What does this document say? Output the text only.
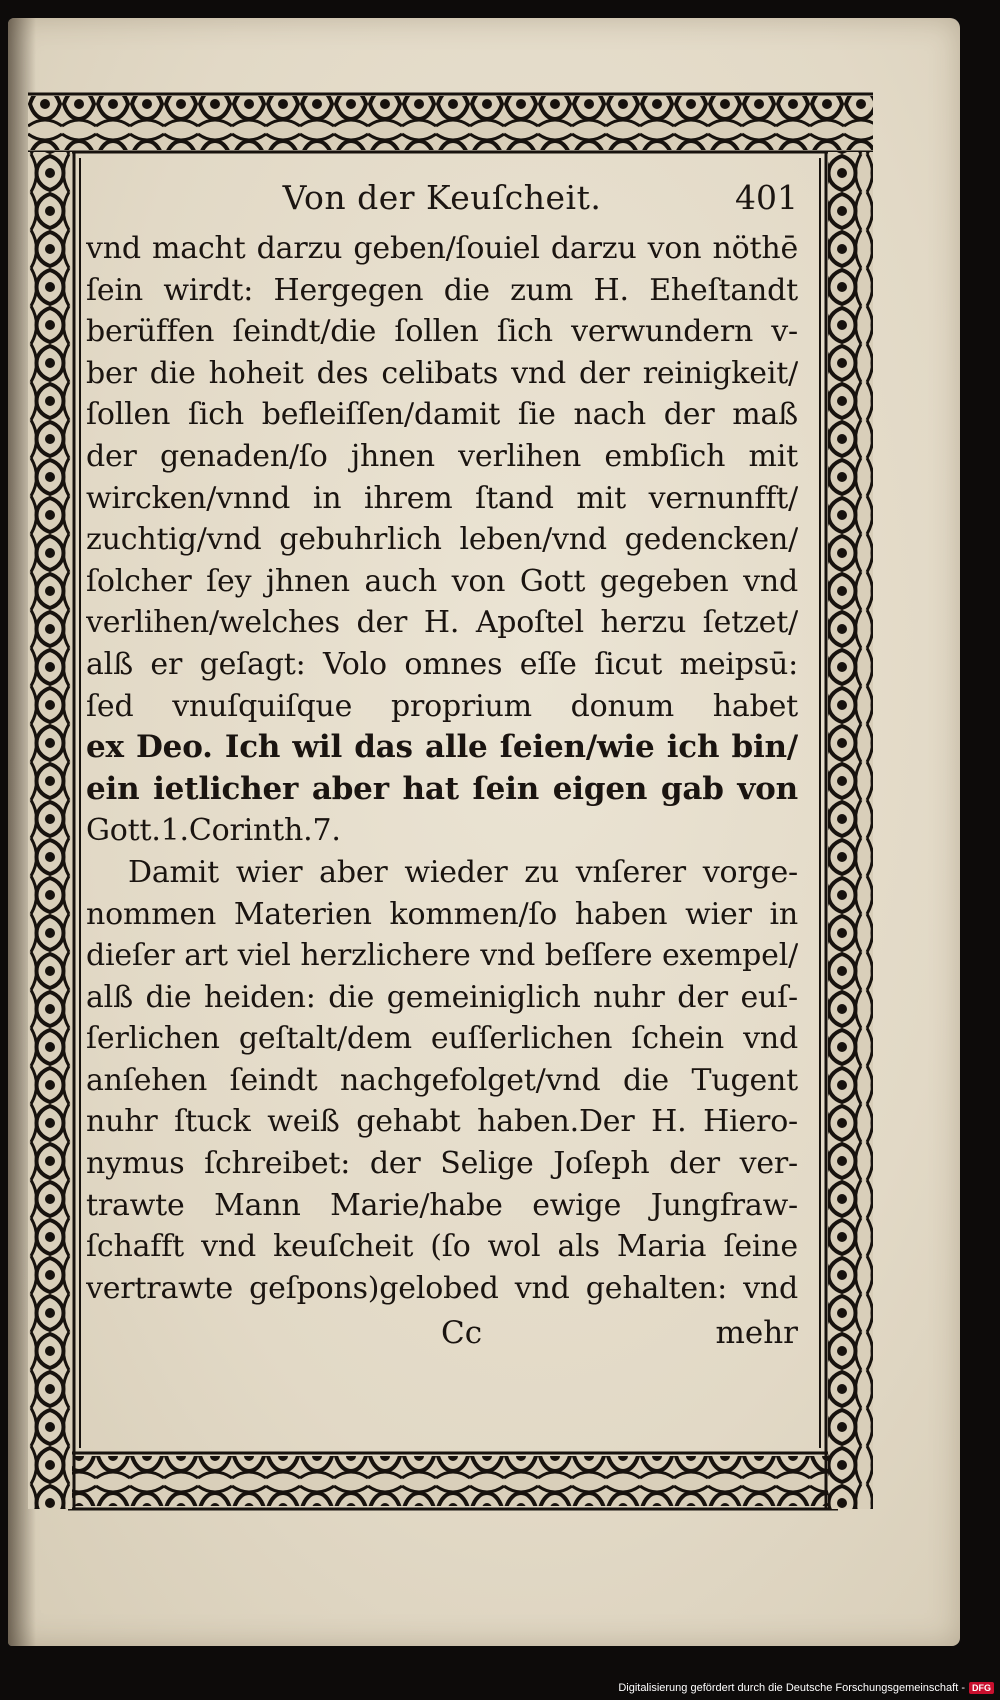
Von der Keuſcheit.	401
vnd macht darzu geben/ſouiel darzu von nöthē
ſein wirdt: Hergegen die zum H. Eheſtandt
berüffen ſeindt/die ſollen ſich verwundern v-
ber die hoheit des celibats vnd der reinigkeit/
ſollen ſich befleiſſen/damit ſie nach der maß
der genaden/ſo jhnen verlihen embſich mit
wircken/vnnd in ihrem ſtand mit vernunfft/
zuchtig/vnd gebuhrlich leben/vnd gedencken/
ſolcher ſey jhnen auch von Gott gegeben vnd
verlihen/welches der H. Apoſtel herzu ſetzet/
alß er geſagt: Volo omnes eſſe ſicut meipsū:
ſed vnuſquiſque proprium donum habet
ex Deo. Ich wil das alle ſeien/wie ich bin/
ein ietlicher aber hat ſein eigen gab von
Gott.1.Corinth.7.
Damit wier aber wieder zu vnſerer vorge-
nommen Materien kommen/ſo haben wier in
dieſer art viel herzlichere vnd beſſere exempel/
alß die heiden: die gemeiniglich nuhr der euſ-
ſerlichen geſtalt/dem euſſerlichen ſchein vnd
anſehen ſeindt nachgefolget/vnd die Tugent
nuhr ſtuck weiß gehabt haben.Der H. Hiero-
nymus ſchreibet: der Selige Joſeph der ver-
trawte Mann Marie/habe ewige Jungfraw-
ſchafft vnd keuſcheit (ſo wol als Maria ſeine
vertrawte geſpons)gelobed vnd gehalten: vnd
Cc	mehr
Digitalisierung gefördert durch die Deutsche Forschungsgemeinschaft - DFG
